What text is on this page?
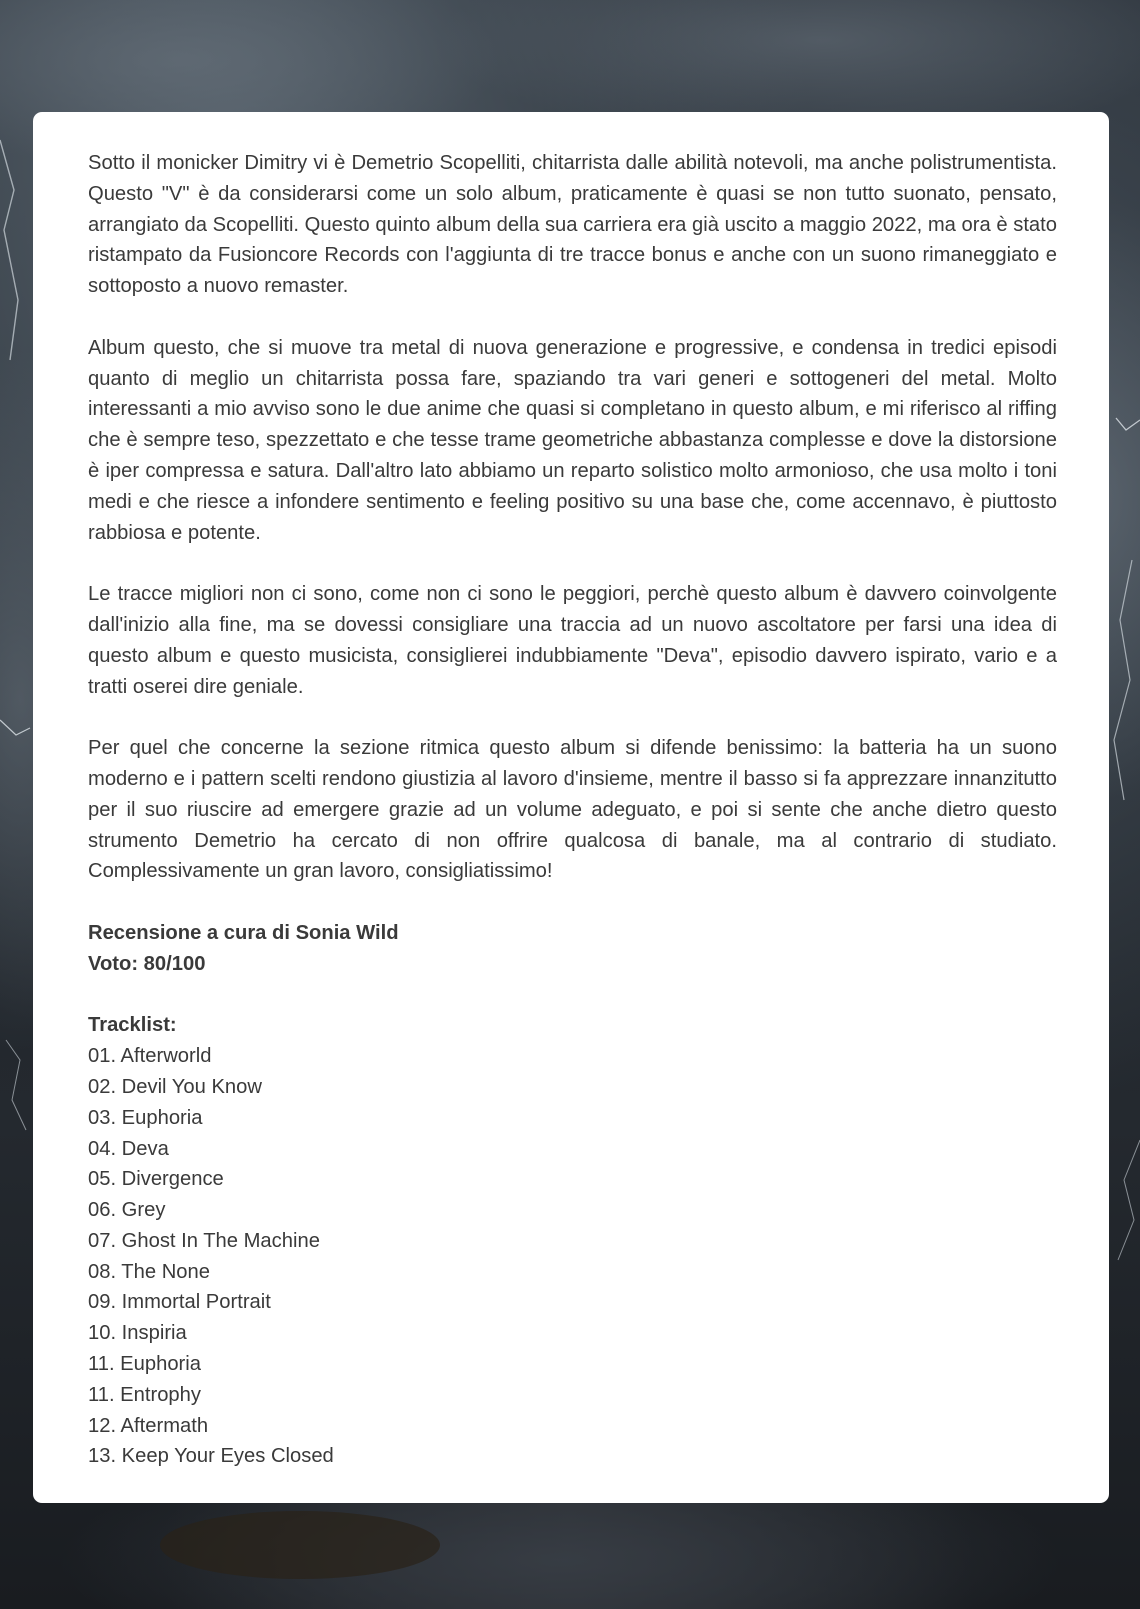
Sotto il monicker Dimitry vi è Demetrio Scopelliti, chitarrista dalle abilità notevoli, ma anche polistrumentista. Questo "V" è da considerarsi come un solo album, praticamente è quasi se non tutto suonato, pensato, arrangiato da Scopelliti. Questo quinto album della sua carriera era già uscito a maggio 2022, ma ora è stato ristampato da Fusioncore Records con l'aggiunta di tre tracce bonus e anche con un suono rimaneggiato e sottoposto a nuovo remaster.

Album questo, che si muove tra metal di nuova generazione e progressive, e condensa in tredici episodi quanto di meglio un chitarrista possa fare, spaziando tra vari generi e sottogeneri del metal. Molto interessanti a mio avviso sono le due anime che quasi si completano in questo album, e mi riferisco al riffing che è sempre teso, spezzettato e che tesse trame geometriche abbastanza complesse e dove la distorsione è iper compressa e satura. Dall'altro lato abbiamo un reparto solistico molto armonioso, che usa molto i toni medi e che riesce a infondere sentimento e feeling positivo su una base che, come accennavo, è piuttosto rabbiosa e potente.

Le tracce migliori non ci sono, come non ci sono le peggiori, perchè questo album è davvero coinvolgente dall'inizio alla fine, ma se dovessi consigliare una traccia ad un nuovo ascoltatore per farsi una idea di questo album e questo musicista, consiglierei indubbiamente "Deva", episodio davvero ispirato, vario e a tratti oserei dire geniale.

Per quel che concerne la sezione ritmica questo album si difende benissimo: la batteria ha un suono moderno e i pattern scelti rendono giustizia al lavoro d'insieme, mentre il basso si fa apprezzare innanzitutto per il suo riuscire ad emergere grazie ad un volume adeguato, e poi si sente che anche dietro questo strumento Demetrio ha cercato di non offrire qualcosa di banale, ma al contrario di studiato. Complessivamente un gran lavoro, consigliatissimo!

Recensione a cura di Sonia Wild

Voto: 80/100

Tracklist:

01. Afterworld
02. Devil You Know
03. Euphoria
04. Deva
05. Divergence
06. Grey
07. Ghost In The Machine
08. The None
09. Immortal Portrait
10. Inspiria
11. Euphoria
11. Entrophy
12. Aftermath
13. Keep Your Eyes Closed
